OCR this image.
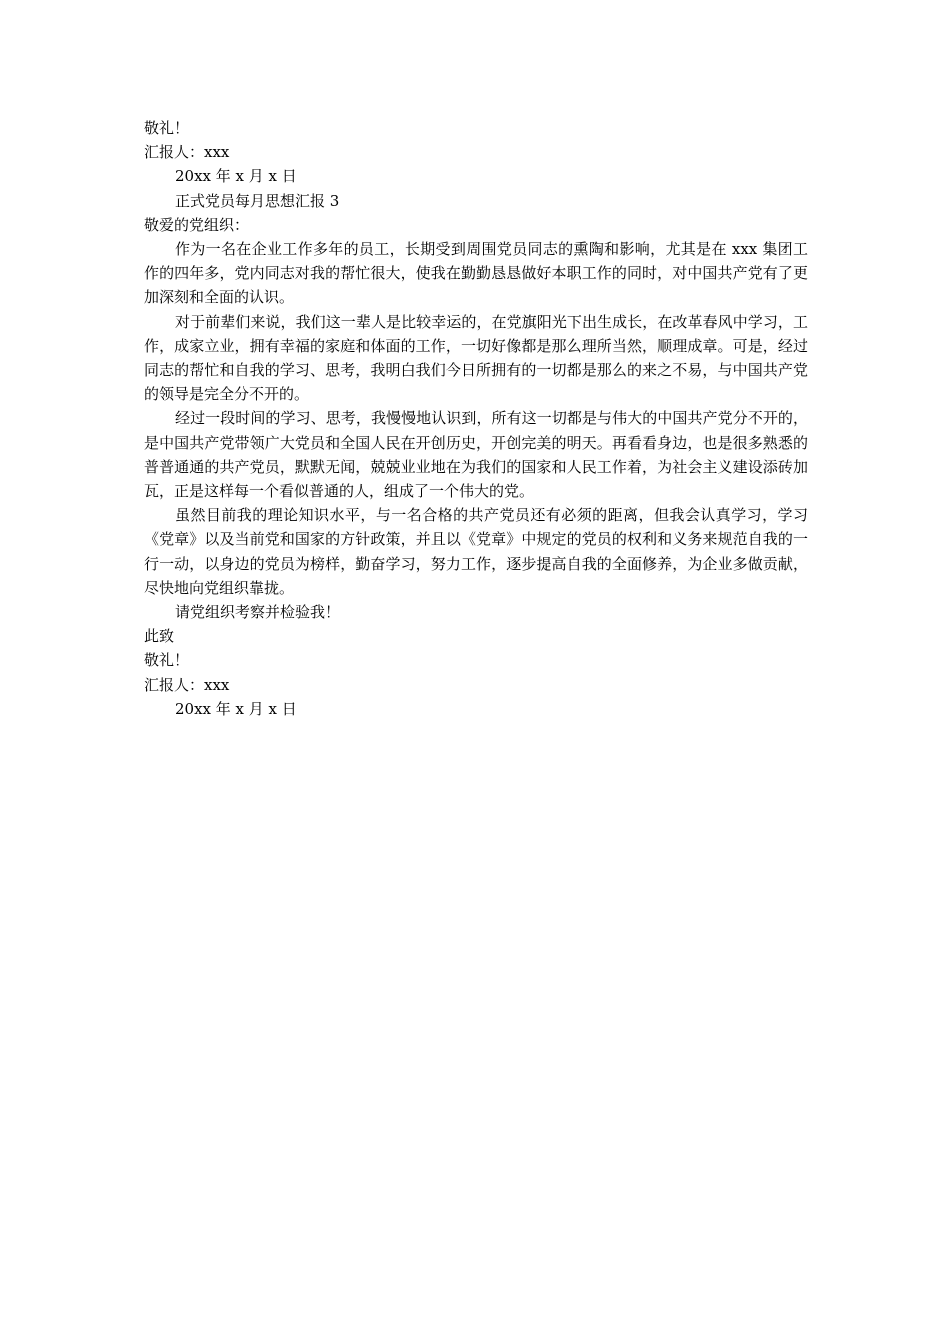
敬礼！

汇报人：xxx

20xx 年 x 月 x 日

正式党员每月思想汇报 3

敬爱的党组织：

作为一名在企业工作多年的员工，长期受到周围党员同志的熏陶和影响，尤其是在 xxx 集团工作的四年多，党内同志对我的帮忙很大，使我在勤勤恳恳做好本职工作的同时，对中国共产党有了更加深刻和全面的认识。

对于前辈们来说，我们这一辈人是比较幸运的，在党旗阳光下出生成长，在改革春风中学习，工作，成家立业，拥有幸福的家庭和体面的工作，一切好像都是那么理所当然，顺理成章。可是，经过同志的帮忙和自我的学习、思考，我明白我们今日所拥有的一切都是那么的来之不易，与中国共产党的领导是完全分不开的。

经过一段时间的学习、思考，我慢慢地认识到，所有这一切都是与伟大的中国共产党分不开的，是中国共产党带领广大党员和全国人民在开创历史，开创完美的明天。再看看身边，也是很多熟悉的普普通通的共产党员，默默无闻，兢兢业业地在为我们的国家和人民工作着，为社会主义建设添砖加瓦，正是这样每一个看似普通的人，组成了一个伟大的党。

虽然目前我的理论知识水平，与一名合格的共产党员还有必须的距离，但我会认真学习，学习《党章》以及当前党和国家的方针政策，并且以《党章》中规定的党员的权利和义务来规范自我的一行一动，以身边的党员为榜样，勤奋学习，努力工作，逐步提高自我的全面修养，为企业多做贡献，尽快地向党组织靠拢。

请党组织考察并检验我！

此致

敬礼！

汇报人：xxx

20xx 年 x 月 x 日
